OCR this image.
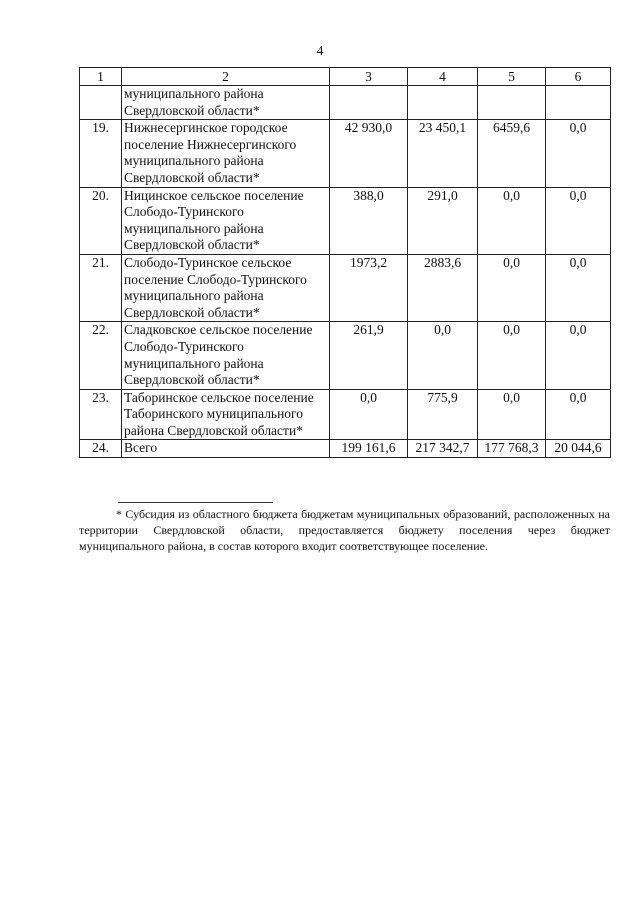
4
1	2	3	4	5	6
	муниципального района Свердловской области*				
19.	Нижнесергинское городское поселение Нижнесергинского муниципального района Свердловской области*	42 930,0	23 450,1	6459,6	0,0
20.	Ницинское сельское поселение Слободо-Туринского муниципального района Свердловской области*	388,0	291,0	0,0	0,0
21.	Слободо-Туринское сельское поселение Слободо-Туринского муниципального района Свердловской области*	1973,2	2883,6	0,0	0,0
22.	Сладковское сельское поселение Слободо-Туринского муниципального района Свердловской области*	261,9	0,0	0,0	0,0
23.	Таборинское сельское поселение Таборинского муниципального района Свердловской области*	0,0	775,9	0,0	0,0
24.	Всего	199 161,6	217 342,7	177 768,3	20 044,6
* Субсидия из областного бюджета бюджетам муниципальных образований, расположенных на территории Свердловской области, предоставляется бюджету поселения через бюджет муниципального района, в состав которого входит соответствующее поселение.
